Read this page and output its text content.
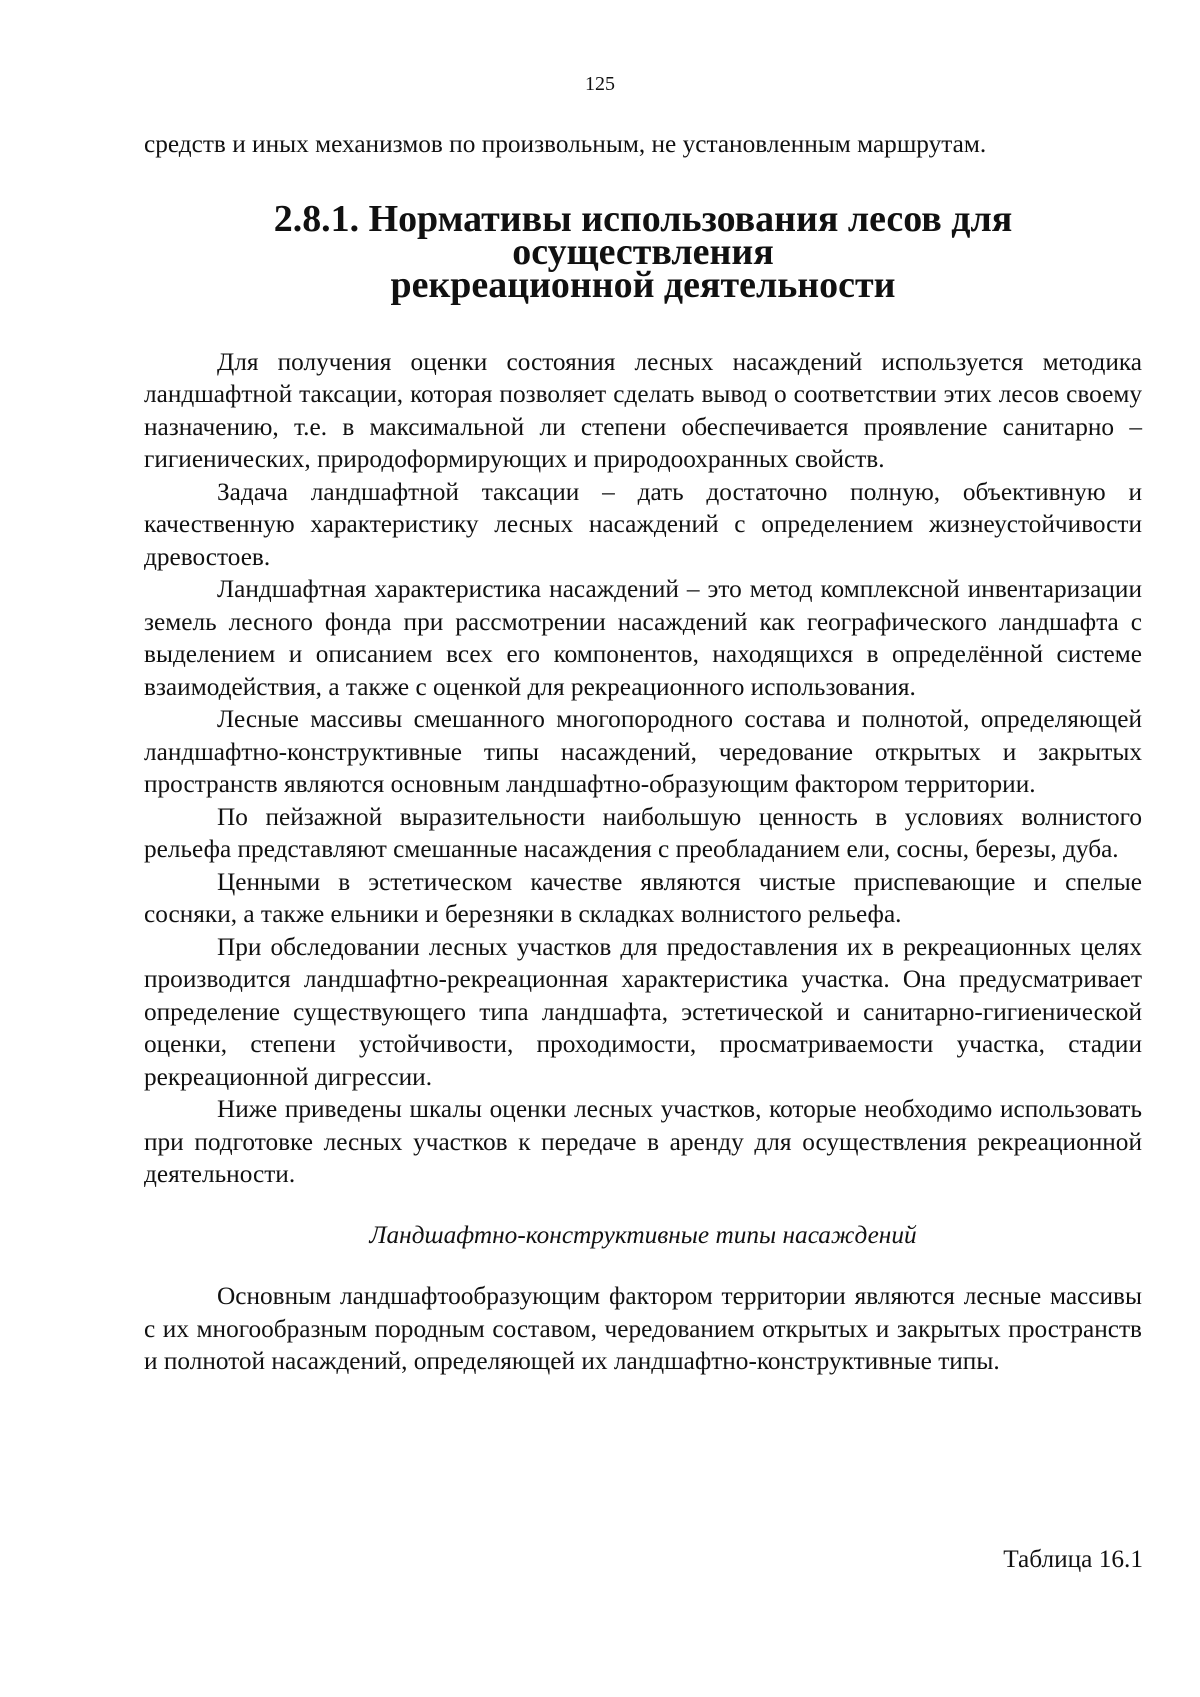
125

средств и иных механизмов по произвольным, не установленным маршрутам.

2.8.1. Нормативы использования лесов для осуществления
рекреационной деятельности

Для получения оценки состояния лесных насаждений используется методика ландшафтной таксации, которая позволяет сделать вывод о соответствии этих лесов своему назначению, т.е. в максимальной ли степени обеспечивается проявление санитарно – гигиенических, природоформирующих и природоохранных свойств.

Задача ландшафтной таксации – дать достаточно полную, объективную и качественную характеристику лесных насаждений с определением жизнеустойчивости древостоев.

Ландшафтная характеристика насаждений – это метод комплексной инвентаризации земель лесного фонда при рассмотрении насаждений как географического ландшафта с выделением и описанием всех его компонентов, находящихся в определённой системе взаимодействия, а также с оценкой для рекреационного использования.

Лесные массивы смешанного многопородного состава и полнотой, определяющей ландшафтно-конструктивные типы насаждений, чередование открытых и закрытых пространств являются основным ландшафтно-образующим фактором территории.

По пейзажной выразительности наибольшую ценность в условиях волнистого рельефа представляют смешанные насаждения с преобладанием ели, сосны, березы, дуба.

Ценными в эстетическом качестве являются чистые приспевающие и спелые сосняки, а также ельники и березняки в складках волнистого рельефа.

При обследовании лесных участков для предоставления их в рекреационных целях производится ландшафтно-рекреационная характеристика участка. Она предусматривает определение существующего типа ландшафта, эстетической и санитарно-гигиенической оценки, степени устойчивости, проходимости, просматриваемости участка, стадии рекреационной дигрессии.

Ниже приведены шкалы оценки лесных участков, которые необходимо использовать при подготовке лесных участков к передаче в аренду для осуществления рекреационной деятельности.

Ландшафтно-конструктивные типы насаждений

Основным ландшафтообразующим фактором территории являются лесные массивы с их многообразным породным составом, чередованием открытых и закрытых пространств и полнотой насаждений, определяющей их ландшафтно-конструктивные типы.

Таблица 16.1
